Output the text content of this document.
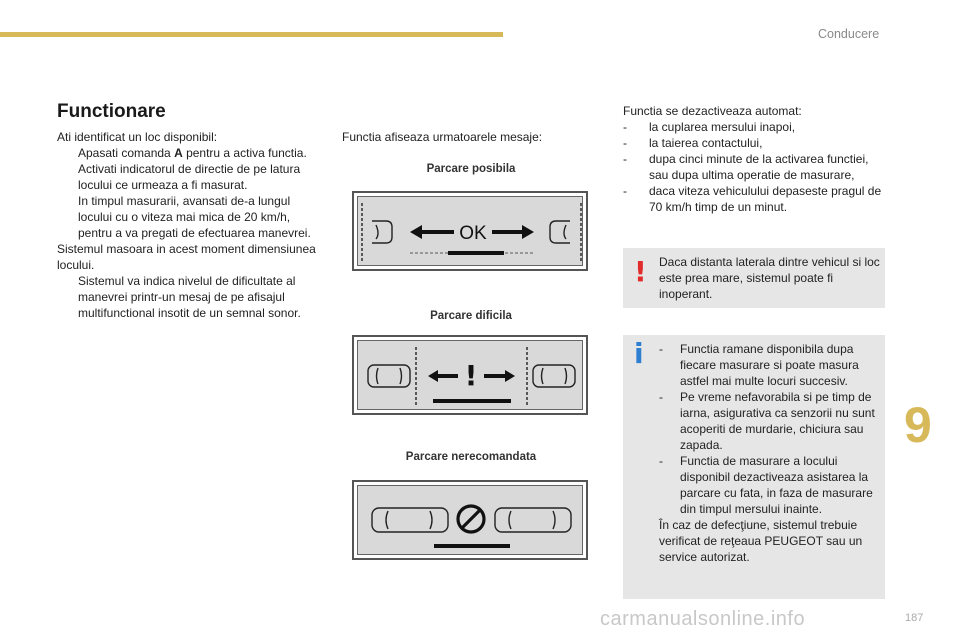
Conducere
9
187
Functionare

Ati identificat un loc disponibil:

Apasati comanda A pentru a activa functia.

Activati indicatorul de directie de pe latura locului ce urmeaza a fi masurat.

In timpul masurarii, avansati de-a lungul locului cu o viteza mai mica de 20 km/h, pentru a va pregati de efectuarea manevrei.

Sistemul masoara in acest moment dimensiunea locului.

Sistemul va indica nivelul de dificultate al manevrei printr-un mesaj de pe afisajul multifunctional insotit de un semnal sonor.

Functia afiseaza urmatoarele mesaje:
Parcare posibila
OK
Parcare dificila
!
Parcare nerecomandata

Functia se dezactiveaza automat:

- la cuplarea mersului inapoi,

- la taierea contactului,

- dupa cinci minute de la activarea functiei, sau dupa ultima operatie de masurare,

- daca viteza vehiculului depaseste pragul de 70 km/h timp de un minut.

! Daca distanta laterala dintre vehicul si loc este prea mare, sistemul poate fi inoperant.
i - Functia ramane disponibila dupa fiecare masurare si poate masura astfel mai multe locuri succesiv.

- Pe vreme nefavorabila si pe timp de iarna, asigurativa ca senzorii nu sunt acoperiti de murdarie, chiciura sau zapada.

- Functia de masurare a locului disponibil dezactiveaza asistarea la parcare cu fata, in faza de masurare din timpul mersului inainte.

În caz de defecţiune, sistemul trebuie verificat de reţeaua PEUGEOT sau un service autorizat.

carmanualsonline.info
